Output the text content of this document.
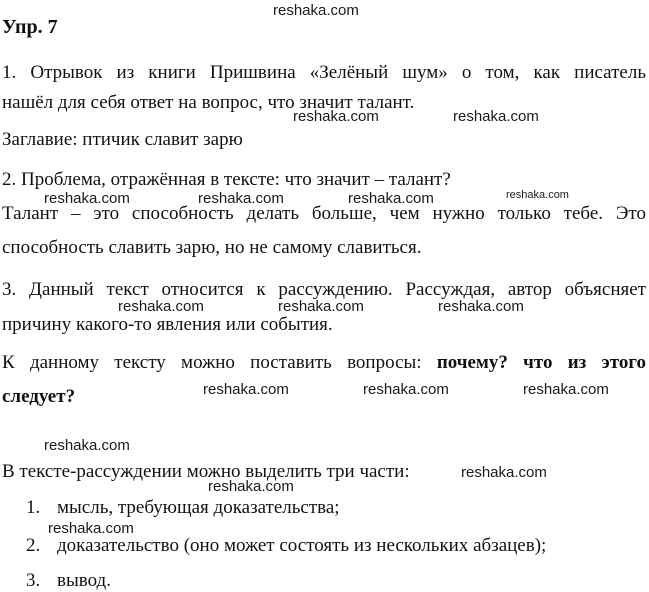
reshaka.com
reshaka.com	reshaka.com
reshaka.com	reshaka.com	reshaka.com	reshaka.com
reshaka.com	reshaka.com	reshaka.com
reshaka.com	reshaka.com	reshaka.com
reshaka.com
reshaka.com
reshaka.com
reshaka.com
Упр. 7
1. Отрывок из книги Пришвина «Зелёный шум» о том, как писатель
нашёл для себя ответ на вопрос, что значит талант.
Заглавие: птичик славит зарю
2. Проблема, отражённая в тексте: что значит – талант?
Талант – это способность делать больше, чем нужно только тебе. Это
способность славить зарю, но не самому славиться.
3. Данный текст относится к рассуждению. Рассуждая, автор объясняет
причину какого-то явления или события.
К данному тексту можно поставить вопросы: почему? что из этого
следует?
В тексте-рассуждении можно выделить три части:
1. мысль, требующая доказательства;
2. доказательство (оно может состоять из нескольких абзацев);
3. вывод.
